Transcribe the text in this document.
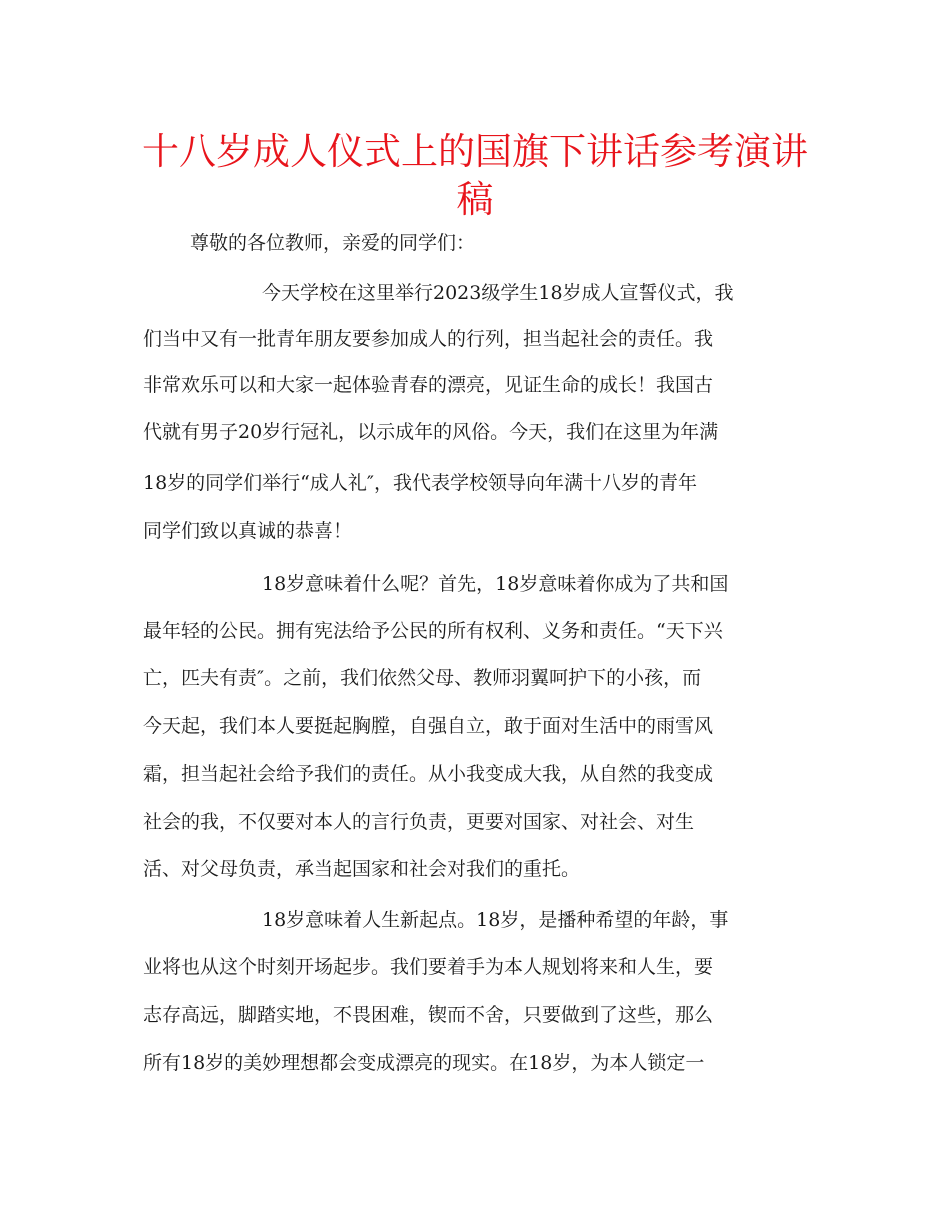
十八岁成人仪式上的国旗下讲话参考演讲
稿
尊敬的各位教师，亲爱的同学们：
今天学校在这里举行2023级学生18岁成人宣誓仪式，我
们当中又有一批青年朋友要参加成人的行列，担当起社会的责任。我
非常欢乐可以和大家一起体验青春的漂亮，见证生命的成长！我国古
代就有男子20岁行冠礼，以示成年的风俗。今天，我们在这里为年满
18岁的同学们举行“成人礼″，我代表学校领导向年满十八岁的青年
同学们致以真诚的恭喜！
18岁意味着什么呢？首先，18岁意味着你成为了共和国
最年轻的公民。拥有宪法给予公民的所有权利、义务和责任。“天下兴
亡，匹夫有责″。之前，我们依然父母、教师羽翼呵护下的小孩，而
今天起，我们本人要挺起胸膛，自强自立，敢于面对生活中的雨雪风
霜，担当起社会给予我们的责任。从小我变成大我，从自然的我变成
社会的我，不仅要对本人的言行负责，更要对国家、对社会、对生
活、对父母负责，承当起国家和社会对我们的重托。
18岁意味着人生新起点。18岁，是播种希望的年龄，事
业将也从这个时刻开场起步。我们要着手为本人规划将来和人生，要
志存高远，脚踏实地，不畏困难，锲而不舍，只要做到了这些，那么
所有18岁的美妙理想都会变成漂亮的现实。在18岁，为本人锁定一
